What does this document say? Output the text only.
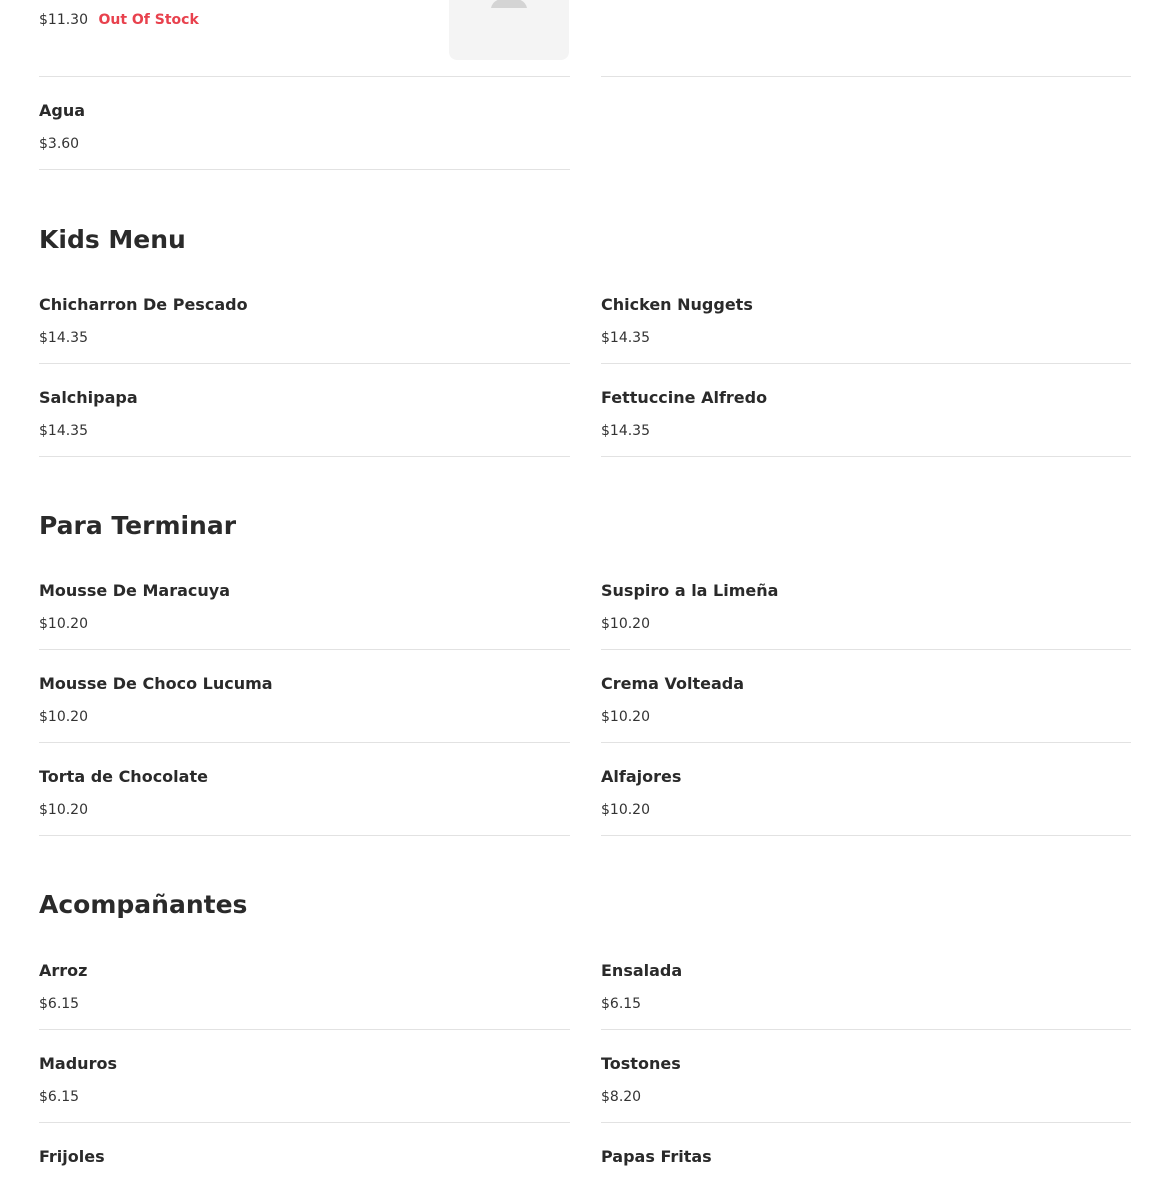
$11.30 Out Of Stock
Agua
$3.60
Kids Menu
Chicharron De Pescado
$14.35
Chicken Nuggets
$14.35
Salchipapa
$14.35
Fettuccine Alfredo
$14.35
Para Terminar
Mousse De Maracuya
$10.20
Suspiro a la Limeña
$10.20
Mousse De Choco Lucuma
$10.20
Crema Volteada
$10.20
Torta de Chocolate
$10.20
Alfajores
$10.20
Acompañantes
Arroz
$6.15
Ensalada
$6.15
Maduros
$6.15
Tostones
$8.20
Frijoles	Papas Fritas
